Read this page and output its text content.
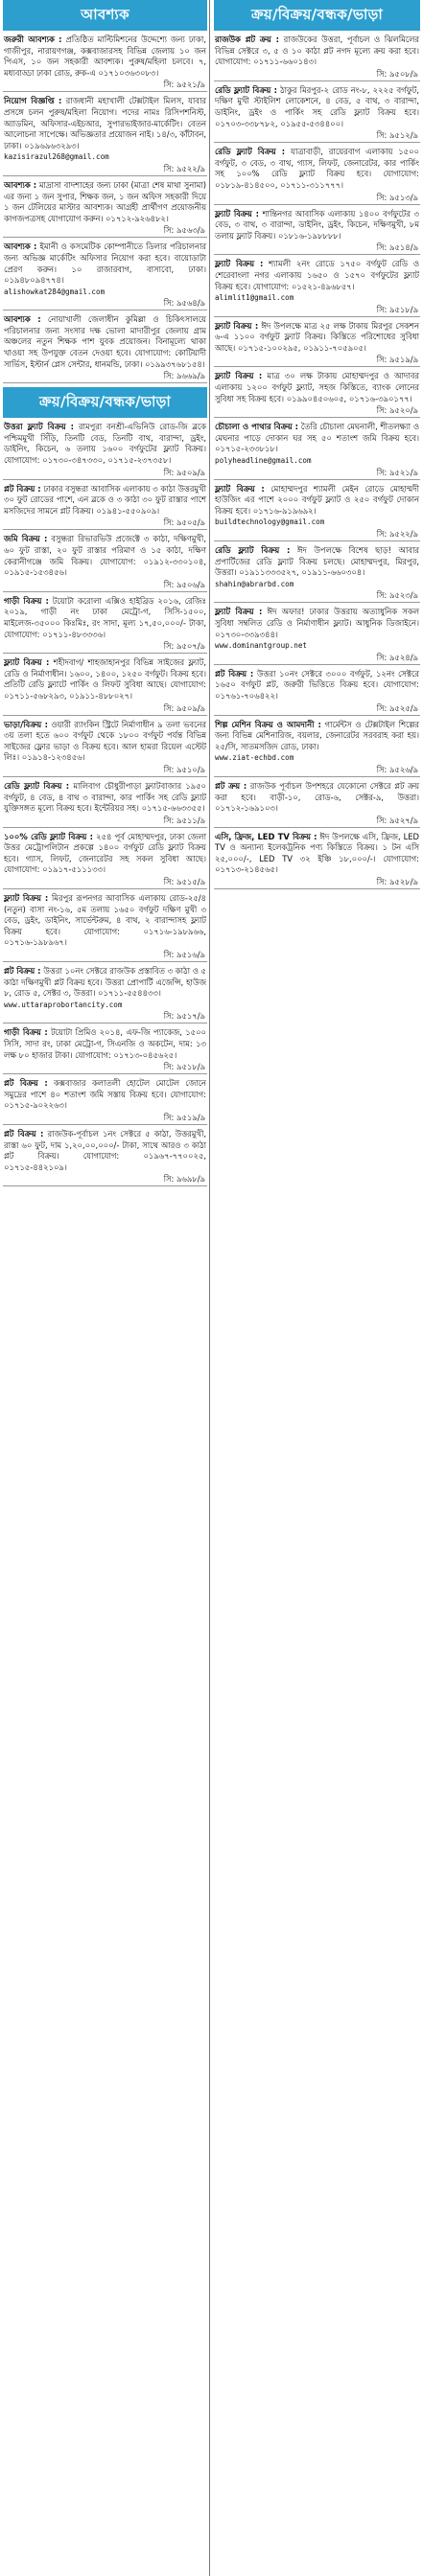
আবশ্যক
জরুরী আবশ্যক : প্রতিষ্ঠিত মাল্টিমিশনের উদ্দেশ্যে জন্য ঢাকা, গাজীপুর, নারায়ণগঞ্জ, কক্সবাজারসহ বিভিন্ন জেলায় ১০ জন পিএস, ১০ জন সহকারী আবশ্যক। পুরুষ/মহিলা চলবে। ৭, মধ্যবাড্ডা ঢাকা রোড, রুক-এ ০১৭১০৩৬৩০৮৩।
সি: ৯৫২১/৯
নিয়োগ বিজ্ঞপ্তি : রাজধানী মহাখালী টেক্সটাইল মিলস, যাবার প্রসঙ্গে চলন পুরুষ/মহিলা নিয়োগ। পদের নামঃ রিসিপশনিস্ট, অ্যাডমিন, অফিসার-এইচআর, সুপারভাইজার-মার্কেটিং। বেতন আলোচনা সাপেক্ষে। অভিজ্ঞতার প্রয়োজন নাই। ১৪/৩, কাঁটাবন, ঢাকা। ০১৯৬৯৬৩২৯৩।
kazisirazul268@gmail.com
সি: ৯৫২২/৯
আবশ্যক : মাদ্রাসা বাদশাহের জন্য ঢাকা (মাত্রা শেষ মাথা সুনামা) এর জন্য ১ জন সুপার, শিক্ষক জন, ১ জন অফিস সহকারী দিয়ে ১ জন টেলিয়ের মাস্টার আবশ্যক। আগ্রহী প্রার্থীগণ প্রয়োজনীয় কাগজপত্রসহ যোগাযোগ করুন। ০১৭১২-৯২৬৪৮২।
সি: ৯৫৬৩/৯
আবশ্যক : ইমানী ও কসমেটিক কোম্পানীতে ডিলার পরিচালনার জন্য অভিজ্ঞ মার্কেটিং অফিসার নিয়োগ করা হবে। বায়োডাটা প্রেরণ করুন। ১০ রাজারবাগ, বাসাবো, ঢাকা। ০১৯৪৮০৯৪৭৭৪।
alishowkat284@gmail.com
সি: ৯৫৬৪/৯
আবশ্যক : নোয়াখালী জেলাধীন কুমিল্লা ও চিকিৎসালয়ে পরিচালনার জন্য সংসার দক্ষ ভোলা মাদারীপুর জেলায় গ্রাম অঞ্চলের নতুন শিক্ষক পাশ যুবক প্রয়োজন। বিনামূল্যে থাকা খাওয়া সহ উপযুক্ত বেতন দেওয়া হবে। যোগাযোগ: কোটিয়াদী সার্ভিস, ইস্টার্ন প্লেস সেন্টার, ধানমন্ডি, ঢাকা। ০১৯৯৩৭৬৮১৫৪।
সি: ৯৬৬৯/৯
ক্রয়/বিক্রয়/বন্ধক/ভাড়া
উত্তরা ফ্ল্যাট বিক্রয় : রামপুরা বনশ্রী-এভিনিউ রোড-জি ব্লকে পশ্চিমমুখী সিঁড়ি, তিনটি বেড, তিনটি বাথ, বারান্দা, ড্রইং, ডাইনিং, কিচেন, ৬ তলায় ১৬০০ বর্গফুটের ফ্ল্যাট বিক্রয়। যোগাযোগ: ০১৭৩০-৩৪৭৩৩০, ০১৭১৫-২৩৭৩৫৮।
সি: ৯৫০৯/৯
প্লট বিক্রয় : ঢাকার বসুন্ধরা আবাসিক এলাকায় ৩ কাঠা উত্তরমুখী ৩০ ফুট রোডের পাশে, এন ব্লকে ও ৩ কাঠা ৩০ ফুট রাস্তার পাশে মসজিদের সামনে প্লট বিক্রয়। ০১৯৪১-৫৫০৯০৯।
সি: ৯৫০৫/৯
জমি বিক্রয় : বসুন্ধরা রিভারভিউ প্রজেক্টে ৩ কাঠা, দক্ষিণমুখী, ৬০ ফুট রাস্তা, ২০ ফুট রাস্তার পরিমাণ ও ১৫ কাঠা, দক্ষিণ কেরানীগঞ্জে জমি বিক্রয়। যোগাযোগ: ০১৯১২-৩৩০১০৪, ০১৯১৫-১৫৩৪৫৬।
সি: ৯৫০৬/৯
গাড়ী বিক্রয় : টয়োটা করোলা এক্সিও হাইব্রিড ২০১৬, রেজিঃ ২০১৯, গাড়ী নং ঢাকা মেট্রো-গ, সিসি-১৫০০, মাইলেজ-৩৫০০০ কিঃমিঃ, রং সাদা, মূল্য ১৭,৫০,০০০/- টাকা, যোগাযোগ: ০১৭১১-৪৮৩৩৩৬।
সি: ৯৫০৭/৯
ফ্ল্যাট বিক্রয় : শহীদবাগ/ শাহজাহানপুর বিভিন্ন সাইজের ফ্ল্যাট, রেডি ও নির্মাণাধীন। ১৬০০, ১৪০০, ১২৫০ বর্গফুট। বিক্রয় হবে। প্রতিটি রেডি ফ্ল্যাটে পার্কিং ও লিফট সুবিধা আছে। যোগাযোগ: ০১৭১১-৫৬৮২৯৩, ০১৯১১-৪৮৮০২৭।
সি: ৯৫০৯/৯
ভাড়া/বিক্রয় : ওয়ারী র‍্যাংকিন স্ট্রিটে নির্মাণাধীন ৯ তলা ভবনের ৩য় তলা হতে ৬০০ বর্গফুট থেকে ১৮০০ বর্গফুট পর্যন্ত বিভিন্ন সাইজের ফ্লোর ভাড়া ও বিক্রয় হবে। আল হামরা রিয়েল এস্টেট লিঃ। ০১৯১৪-১২৩৪৫৬।
সি: ৯৫১০/৯
রেডি ফ্ল্যাট বিক্রয় : মালিবাগ চৌধুরীপাড়া ফ্ল্যাটবাজার ১৯৫০ বর্গফুট, ৪ বেড, ৪ বাথ ৩ বারান্দা, কার পার্কিং সহ রেডি ফ্ল্যাট যুক্তিসঙ্গত মূল্যে বিক্রয় হবে। ইন্টেরিয়র সহ। ০১৭১৫-৬৬৩৩৫৫।
সি: ৯৫১১/৯
১০০% রেডি ফ্ল্যাট বিক্রয় : ২৫৪ পূর্ব মোহাম্মদপুর, ঢাকা জেলা উত্তর মেট্রোপলিটান প্রকল্পে ১৪০০ বর্গফুট রেডি ফ্ল্যাট বিক্রয় হবে। গ্যাস, লিফট, জেনারেটর সহ সকল সুবিধা আছে। যোগাযোগ: ০১৯১৭-৫১১১৩৩।
সি: ৯৫১৫/৯
ফ্ল্যাট বিক্রয় : মিরপুর রূপনগর আবাসিক এলাকায় রোড-২৫/৪ (নতুন) বাসা নং-১৬, ৫ম তলায় ১৬৫০ বর্গফুট দক্ষিণ মুখী ৩ বেড, ড্রইং, ডাইনিং, সার্ভেন্টরুম, ৪ বাথ, ২ বারান্দাসহ ফ্ল্যাট বিক্রয় হবে। যোগাযোগ: ০১৭১৬-১৯৮৯৬৬, ০১৭১৬-১৯৮৯৬৭।
সি: ৯৫১৬/৯
প্লট বিক্রয় : উত্তরা ১০নং সেক্টরে রাজউক প্রস্তাবিত ৩ কাঠা ও ৫ কাঠা দক্ষিণমুখী প্লট বিক্রয় হবে। উত্তরা প্রোপার্টি এজেন্সি, হাউজ ৮, রোড ৫, সেক্টর ৩, উত্তরা। ০১৭১১-৫৫৪৪৩৩।
www.uttaraprobortancity.com
সি: ৯৫১৭/৯
গাড়ী বিক্রয় : টয়োটা প্রিমিও ২০১৪, এফ-জি প্যাকেজ, ১৫০০ সিসি, সাদা রং, ঢাকা মেট্রো-গ, সিএনজি ও অকটেন, দাম: ১৩ লক্ষ ৮০ হাজার টাকা। যোগাযোগ: ০১৭১৩-০৪৫৬২৫।
সি: ৯৫১৮/৯
প্লট বিক্রয় : কক্সবাজার কলাতলী হোটেল মোটেল জোনে সমুদ্রের পাশে ৪০ শতাংশ জমি সস্তায় বিক্রয় হবে। যোগাযোগ: ০১৭১৫-৯০২২৬৩।
সি: ৯৫১৯/৯
প্লট বিক্রয় : রাজউক-পূর্বাচল ১নং সেক্টরে ৫ কাঠা, উত্তরমুখী, রাস্তা ৬০ ফুট, দাম ১,২০,০০,০০০/- টাকা, সাথে আরও ৩ কাঠা প্লট বিক্রয়। যোগাযোগ: ০১৯৬৭-৭৭০০২৫, ০১৭১৫-৪৪২১০৯।
সি: ৯৬৯৮/৯
ক্রয়/বিক্রয়/বন্ধক/ভাড়া
রাজউক প্লট ক্রয় : রাজউকের উত্তরা, পূর্বাচল ও ঝিলমিলের বিভিন্ন সেক্টরে ৩, ৫ ও ১০ কাঠা প্লট নগদ মূল্যে ক্রয় করা হবে। যোগাযোগ: ০১৭১১-৬৬০১৪৩।
সি: ৯৫০৮/৯
রেডি ফ্ল্যাট বিক্রয় : ঠাকুর মিরপুর-২ রোড নং-৮, ২২২৫ বর্গফুট, দক্ষিণ মুখী স্টাইলিশ লোকেশনে, ৪ বেড, ৫ বাথ, ৩ বারান্দা, ডাইনিং, ড্রইং ও পার্কিং সহ রেডি ফ্ল্যাট বিক্রয় হবে। ০১৭০৩-৩৩৮৭৮২, ০১৯৫৫-৫৩৪৪০০।
সি: ৯৫১২/৯
রেডি ফ্ল্যাট বিক্রয় : যাত্রাবাড়ী, রায়েরবাগ এলাকায় ১৫০০ বর্গফুট, ৩ বেড, ৩ বাথ, গ্যাস, লিফট, জেনারেটর, কার পার্কিং সহ ১০০% রেডি ফ্ল্যাট বিক্রয় হবে। যোগাযোগ: ০১৮১৯-৪১৪৫০০, ০১৭১১-৩১১৭৭৭।
সি: ৯৫১৩/৯
ফ্ল্যাট বিক্রয় : শান্তিনগর আবাসিক এলাকায় ১৪০০ বর্গফুটের ৩ বেড, ৩ বাথ, ৩ বারান্দা, ডাইনিং, ড্রইং, কিচেন, দক্ষিণমুখী, ৮ম তলায় ফ্ল্যাট বিক্রয়। ০১৮১৬-১৯৮৮৮৮।
সি: ৯৫১৪/৯
ফ্ল্যাট বিক্রয় : শ্যামলী ২নং রোডে ১৭৫০ বর্গফুট রেডি ও শেরেবাংলা নগর এলাকায় ১৬৫০ ও ১৫৭০ বর্গফুটের ফ্ল্যাট বিক্রয় হবে। যোগাযোগ: ০১৫২১-৪৯৬৮৫৭।
alimlit1@gmail.com
সি: ৯৫১৮/৯
ফ্ল্যাট বিক্রয় : ঈদ উপলক্ষে মাত্র ২৫ লক্ষ টাকায় মিরপুর সেকশন ৬-এ ১১০০ বর্গফুট ফ্ল্যাট বিক্রয়। কিস্তিতে পরিশোধের সুবিধা আছে। ০১৭১৫-১০০২৯৫, ০১৯১১-৭০৫৯০৫।
সি: ৯৫১৯/৯
ফ্ল্যাট বিক্রয় : মাত্র ৩০ লক্ষ টাকায় মোহাম্মদপুর ও আদাবর এলাকায় ১২০০ বর্গফুট ফ্ল্যাট, সহজ কিস্তিতে, ব্যাংক লোনের সুবিধা সহ বিক্রয় হবে। ০১৯৯০৪৫০৬০৫, ০১৭১৬-৩৯০১৭৭।
সি: ৯৫২০/৯
চৌচালা ও পাথার বিক্রয় : তৈরি চৌচালা মেঘনালী, শীতলক্ষ্যা ও মেঘনার পাড়ে দোকান ঘর সহ ৫০ শতাংশ জমি বিক্রয় হবে। ০১৭১৫-২৩৩৮১৮।
polyheadline@gmail.com
সি: ৯৫২১/৯
ফ্ল্যাট বিক্রয় : মোহাম্মদপুর শ্যামলী মেইন রোডে মোহাম্মদী হাউজিং এর পাশে ২০০০ বর্গফুট ফ্ল্যাট ও ২৫০ বর্গফুট দোকান বিক্রয় হবে। ০১৭১৬-৯১৯৬৯২।
buildtechnology@gmail.com
সি: ৯৫২২/৯
রেডি ফ্ল্যাট বিক্রয় : ঈদ উপলক্ষে বিশেষ ছাড়! আবার প্রপার্টিজের রেডি ফ্ল্যাট বিক্রয় চলছে। মোহাম্মদপুর, মিরপুর, উত্তরা। ০১৯১১৩৩৩৫২৭, ০১৯১১-৬৬০৩০৪।
shahin@abrarbd.com
সি: ৯৫২৩/৯
ফ্ল্যাট বিক্রয় : ঈদ অফার! ঢাকার উত্তরায় অত্যাধুনিক সকল সুবিধা সম্বলিত রেডি ও নির্মাণাধীন ফ্ল্যাট। আধুনিক ডিজাইনে। ০১৭৩০-৩৩৯৩৪৪।
www.dominantgroup.net
সি: ৯৫২৪/৯
প্লট বিক্রয় : উত্তরা ১০নং সেক্টরে ৩০০০ বর্গফুট, ১২নং সেক্টরে ১৬৫০ বর্গফুট প্লট, জরুরী ভিত্তিতে বিক্রয় হবে। যোগাযোগ: ০১৭৬১-৭০৬৪২২।
সি: ৯৫২৫/৯
শিল্প মেশিন বিক্রয় ও আমদানী : গার্মেন্টস ও টেক্সটাইল শিল্পের জন্য বিভিন্ন মেশিনারিজ, বয়লার, জেনারেটর সরবরাহ করা হয়। ২৫/সি, সাতমসজিদ রোড, ঢাকা।
www.ziat-echbd.com
সি: ৯৫২৬/৯
প্লট ক্রয় : রাজউক পূর্বাচল উপশহরে যেকোনো সেক্টরে প্লট ক্রয় করা হবে। বাড়ী-১০, রোড-৬, সেক্টর-৯, উত্তরা। ০১৭১২-১৬৯১০৩।
সি: ৯৫২৭/৯
এসি, ফ্রিজ, LED TV বিক্রয় : ঈদ উপলক্ষে এসি, ফ্রিজ, LED TV ও অন্যান্য ইলেকট্রনিক পণ্য কিস্তিতে বিক্রয়। ১ টন এসি ২৫,০০০/-, LED TV ৩২ ইঞ্চি ১৮,০০০/-। যোগাযোগ: ০১৭১৩-২১৪৫৬৫।
সি: ৯৫২৮/৯
